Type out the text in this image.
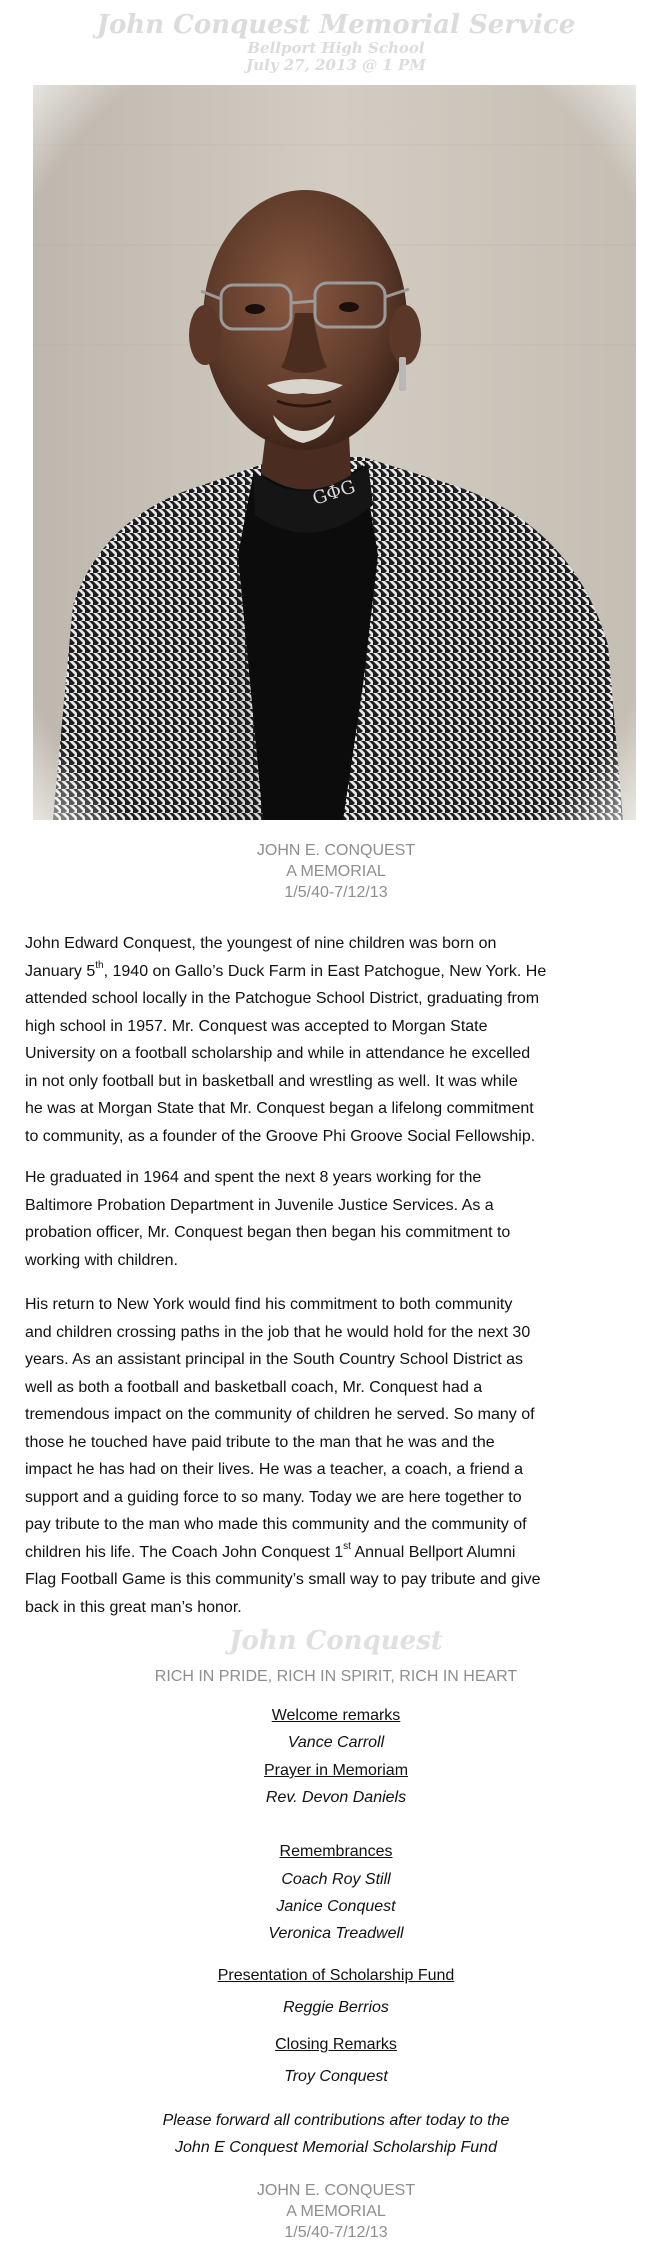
John Conquest Memorial Service
Bellport High School
July 27, 2013 @ 1 PM
JOHN E. CONQUEST
A MEMORIAL
1/5/40-7/12/13

John Edward Conquest, the youngest of nine children was born on
January 5th, 1940 on Gallo’s Duck Farm in East Patchogue, New York. He
attended school locally in the Patchogue School District, graduating from
high school in 1957. Mr. Conquest was accepted to Morgan State
University on a football scholarship and while in attendance he excelled
in not only football but in basketball and wrestling as well. It was while
he was at Morgan State that Mr. Conquest began a lifelong commitment
to community, as a founder of the Groove Phi Groove Social Fellowship.

He graduated in 1964 and spent the next 8 years working for the
Baltimore Probation Department in Juvenile Justice Services. As a
probation officer, Mr. Conquest began then began his commitment to
working with children.

His return to New York would find his commitment to both community
and children crossing paths in the job that he would hold for the next 30
years. As an assistant principal in the South Country School District as
well as both a football and basketball coach, Mr. Conquest had a
tremendous impact on the community of children he served. So many of
those he touched have paid tribute to the man that he was and the
impact he has had on their lives. He was a teacher, a coach, a friend a
support and a guiding force to so many. Today we are here together to
pay tribute to the man who made this community and the community of
children his life. The Coach John Conquest 1st Annual Bellport Alumni
Flag Football Game is this community’s small way to pay tribute and give
back in this great man’s honor.

John Conquest
RICH IN PRIDE, RICH IN SPIRIT, RICH IN HEART
Welcome remarks
Vance Carroll
Prayer in Memoriam
Rev. Devon Daniels
Remembrances
Coach Roy Still
Janice Conquest
Veronica Treadwell
Presentation of Scholarship Fund
Reggie Berrios
Closing Remarks
Troy Conquest
Please forward all contributions after today to the
John E Conquest Memorial Scholarship Fund
JOHN E. CONQUEST
A MEMORIAL
1/5/40-7/12/13
